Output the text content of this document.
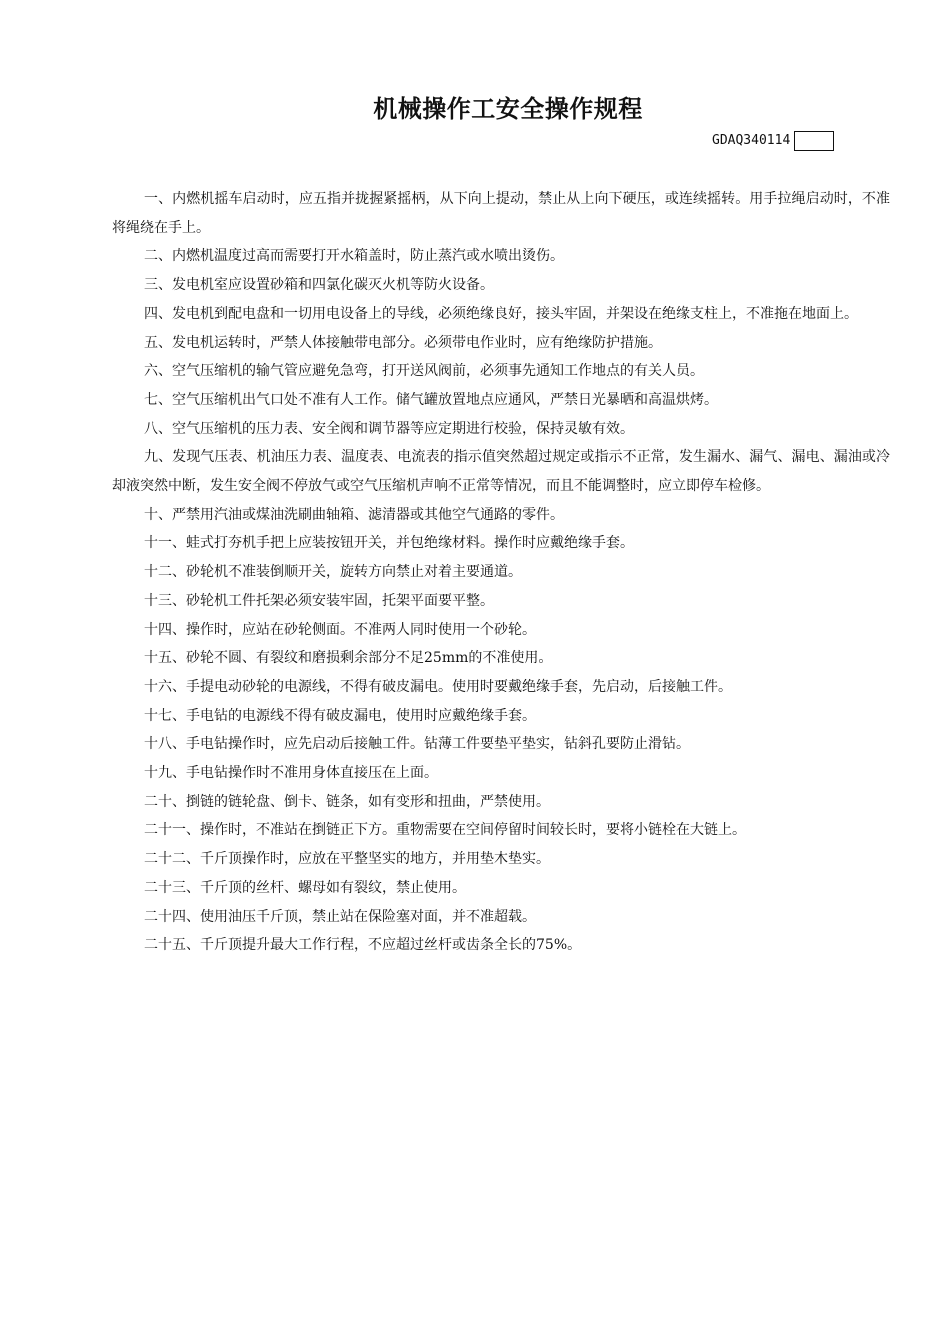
机械操作工安全操作规程
GDAQ340114

一、内燃机摇车启动时，应五指并拢握紧摇柄，从下向上提动，禁止从上向下硬压，或连续摇转。用手拉绳启动时，不准将绳绕在手上。

二、内燃机温度过高而需要打开水箱盖时，防止蒸汽或水喷出烫伤。

三、发电机室应设置砂箱和四氯化碳灭火机等防火设备。

四、发电机到配电盘和一切用电设备上的导线，必须绝缘良好，接头牢固，并架设在绝缘支柱上，不准拖在地面上。

五、发电机运转时，严禁人体接触带电部分。必须带电作业时，应有绝缘防护措施。

六、空气压缩机的输气管应避免急弯，打开送风阀前，必须事先通知工作地点的有关人员。

七、空气压缩机出气口处不准有人工作。储气罐放置地点应通风，严禁日光暴晒和高温烘烤。

八、空气压缩机的压力表、安全阀和调节器等应定期进行校验，保持灵敏有效。

九、发现气压表、机油压力表、温度表、电流表的指示值突然超过规定或指示不正常，发生漏水、漏气、漏电、漏油或冷却液突然中断，发生安全阀不停放气或空气压缩机声响不正常等情况，而且不能调整时，应立即停车检修。

十、严禁用汽油或煤油洗刷曲轴箱、滤清器或其他空气通路的零件。

十一、蛙式打夯机手把上应装按钮开关，并包绝缘材料。操作时应戴绝缘手套。

十二、砂轮机不准装倒顺开关，旋转方向禁止对着主要通道。

十三、砂轮机工件托架必须安装牢固，托架平面要平整。

十四、操作时，应站在砂轮侧面。不准两人同时使用一个砂轮。

十五、砂轮不圆、有裂纹和磨损剩余部分不足25mm的不准使用。

十六、手提电动砂轮的电源线，不得有破皮漏电。使用时要戴绝缘手套，先启动，后接触工件。

十七、手电钻的电源线不得有破皮漏电，使用时应戴绝缘手套。

十八、手电钻操作时，应先启动后接触工件。钻薄工件要垫平垫实，钻斜孔要防止滑钻。

十九、手电钻操作时不准用身体直接压在上面。

二十、捯链的链轮盘、倒卡、链条，如有变形和扭曲，严禁使用。

二十一、操作时，不准站在捯链正下方。重物需要在空间停留时间较长时，要将小链栓在大链上。

二十二、千斤顶操作时，应放在平整坚实的地方，并用垫木垫实。

二十三、千斤顶的丝杆、螺母如有裂纹，禁止使用。

二十四、使用油压千斤顶，禁止站在保险塞对面，并不准超载。

二十五、千斤顶提升最大工作行程，不应超过丝杆或齿条全长的75%。
